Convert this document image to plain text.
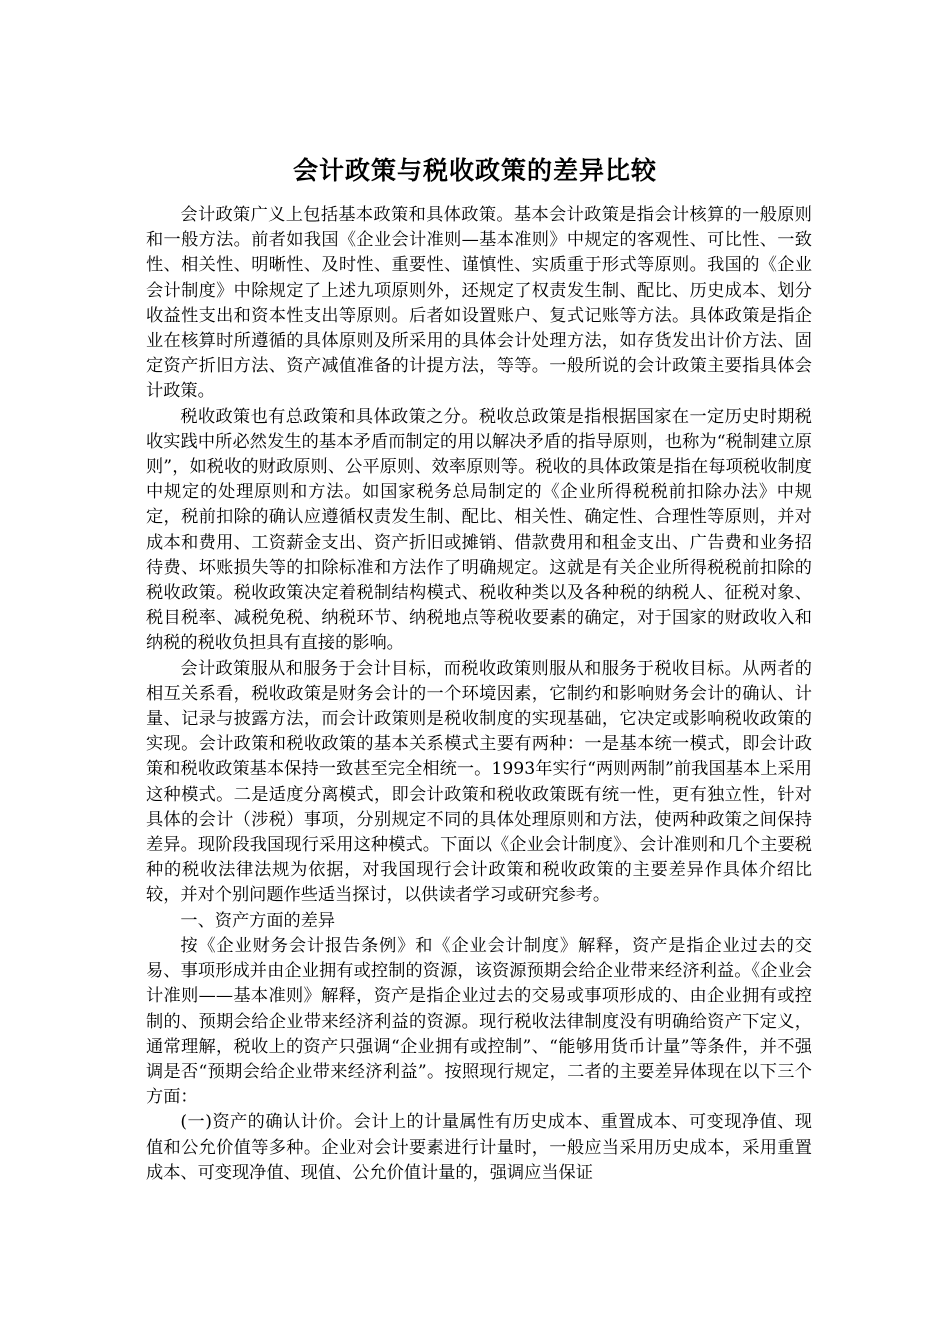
会计政策与税收政策的差异比较

会计政策广义上包括基本政策和具体政策。基本会计政策是指会计核算的一般原则和一般方法。前者如我国《企业会计准则—基本准则》中规定的客观性、可比性、一致性、相关性、明晰性、及时性、重要性、谨慎性、实质重于形式等原则。我国的《企业会计制度》中除规定了上述九项原则外，还规定了权责发生制、配比、历史成本、划分收益性支出和资本性支出等原则。后者如设置账户、复式记账等方法。具体政策是指企业在核算时所遵循的具体原则及所采用的具体会计处理方法，如存货发出计价方法、固定资产折旧方法、资产减值准备的计提方法，等等。一般所说的会计政策主要指具体会计政策。

税收政策也有总政策和具体政策之分。税收总政策是指根据国家在一定历史时期税收实践中所必然发生的基本矛盾而制定的用以解决矛盾的指导原则，也称为“税制建立原则”，如税收的财政原则、公平原则、效率原则等。税收的具体政策是指在每项税收制度中规定的处理原则和方法。如国家税务总局制定的《企业所得税税前扣除办法》中规定，税前扣除的确认应遵循权责发生制、配比、相关性、确定性、合理性等原则，并对成本和费用、工资薪金支出、资产折旧或摊销、借款费用和租金支出、广告费和业务招待费、坏账损失等的扣除标准和方法作了明确规定。这就是有关企业所得税税前扣除的税收政策。税收政策决定着税制结构模式、税收种类以及各种税的纳税人、征税对象、税目税率、减税免税、纳税环节、纳税地点等税收要素的确定，对于国家的财政收入和纳税的税收负担具有直接的影响。

会计政策服从和服务于会计目标，而税收政策则服从和服务于税收目标。从两者的相互关系看，税收政策是财务会计的一个环境因素，它制约和影响财务会计的确认、计量、记录与披露方法，而会计政策则是税收制度的实现基础，它决定或影响税收政策的实现。会计政策和税收政策的基本关系模式主要有两种：一是基本统一模式，即会计政策和税收政策基本保持一致甚至完全相统一。1993年实行“两则两制”前我国基本上采用这种模式。二是适度分离模式，即会计政策和税收政策既有统一性，更有独立性，针对具体的会计（涉税）事项，分别规定不同的具体处理原则和方法，使两种政策之间保持差异。现阶段我国现行采用这种模式。下面以《企业会计制度》、会计准则和几个主要税种的税收法律法规为依据，对我国现行会计政策和税收政策的主要差异作具体介绍比较，并对个别问题作些适当探讨，以供读者学习或研究参考。

一、资产方面的差异

按《企业财务会计报告条例》和《企业会计制度》解释，资产是指企业过去的交易、事项形成并由企业拥有或控制的资源，该资源预期会给企业带来经济利益。《企业会计准则——基本准则》解释，资产是指企业过去的交易或事项形成的、由企业拥有或控制的、预期会给企业带来经济利益的资源。现行税收法律制度没有明确给资产下定义，通常理解，税收上的资产只强调“企业拥有或控制”、“能够用货币计量”等条件，并不强调是否“预期会给企业带来经济利益”。按照现行规定，二者的主要差异体现在以下三个方面：

(一)资产的确认计价。会计上的计量属性有历史成本、重置成本、可变现净值、现值和公允价值等多种。企业对会计要素进行计量时，一般应当采用历史成本，采用重置成本、可变现净值、现值、公允价值计量的，强调应当保证
